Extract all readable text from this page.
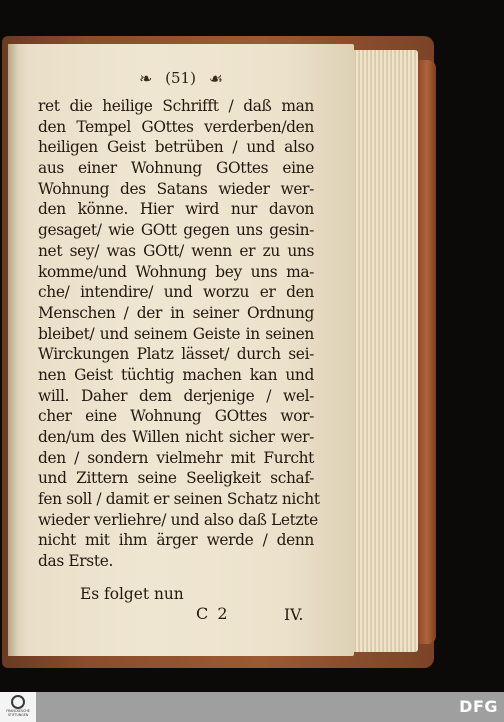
❧ (51) ☙
ret die heilige Schrifft / daß man
den Tempel GOttes verderben/den
heiligen Geist betrüben / und also
aus einer Wohnung GOttes eine
Wohnung des Satans wieder wer-
den könne. Hier wird nur davon
gesaget/ wie GOtt gegen uns gesin-
net sey/ was GOtt/ wenn er zu uns
komme/und Wohnung bey uns ma-
che/ intendire/ und worzu er den
Menschen / der in seiner Ordnung
bleibet/ und seinem Geiste in seinen
Wirckungen Platz lässet/ durch sei-
nen Geist tüchtig machen kan und
will. Daher dem derjenige / wel-
cher eine Wohnung GOttes wor-
den/um des Willen nicht sicher wer-
den / sondern vielmehr mit Furcht
und Zittern seine Seeligkeit schaf-
fen soll / damit er seinen Schatz nicht
wieder verliehre/ und also daß Letzte
nicht mit ihm ärger werde / denn
das Erste.
Es folget nun
C 2	IV.
FRANCKESCHE STIFTUNGEN	DFG
